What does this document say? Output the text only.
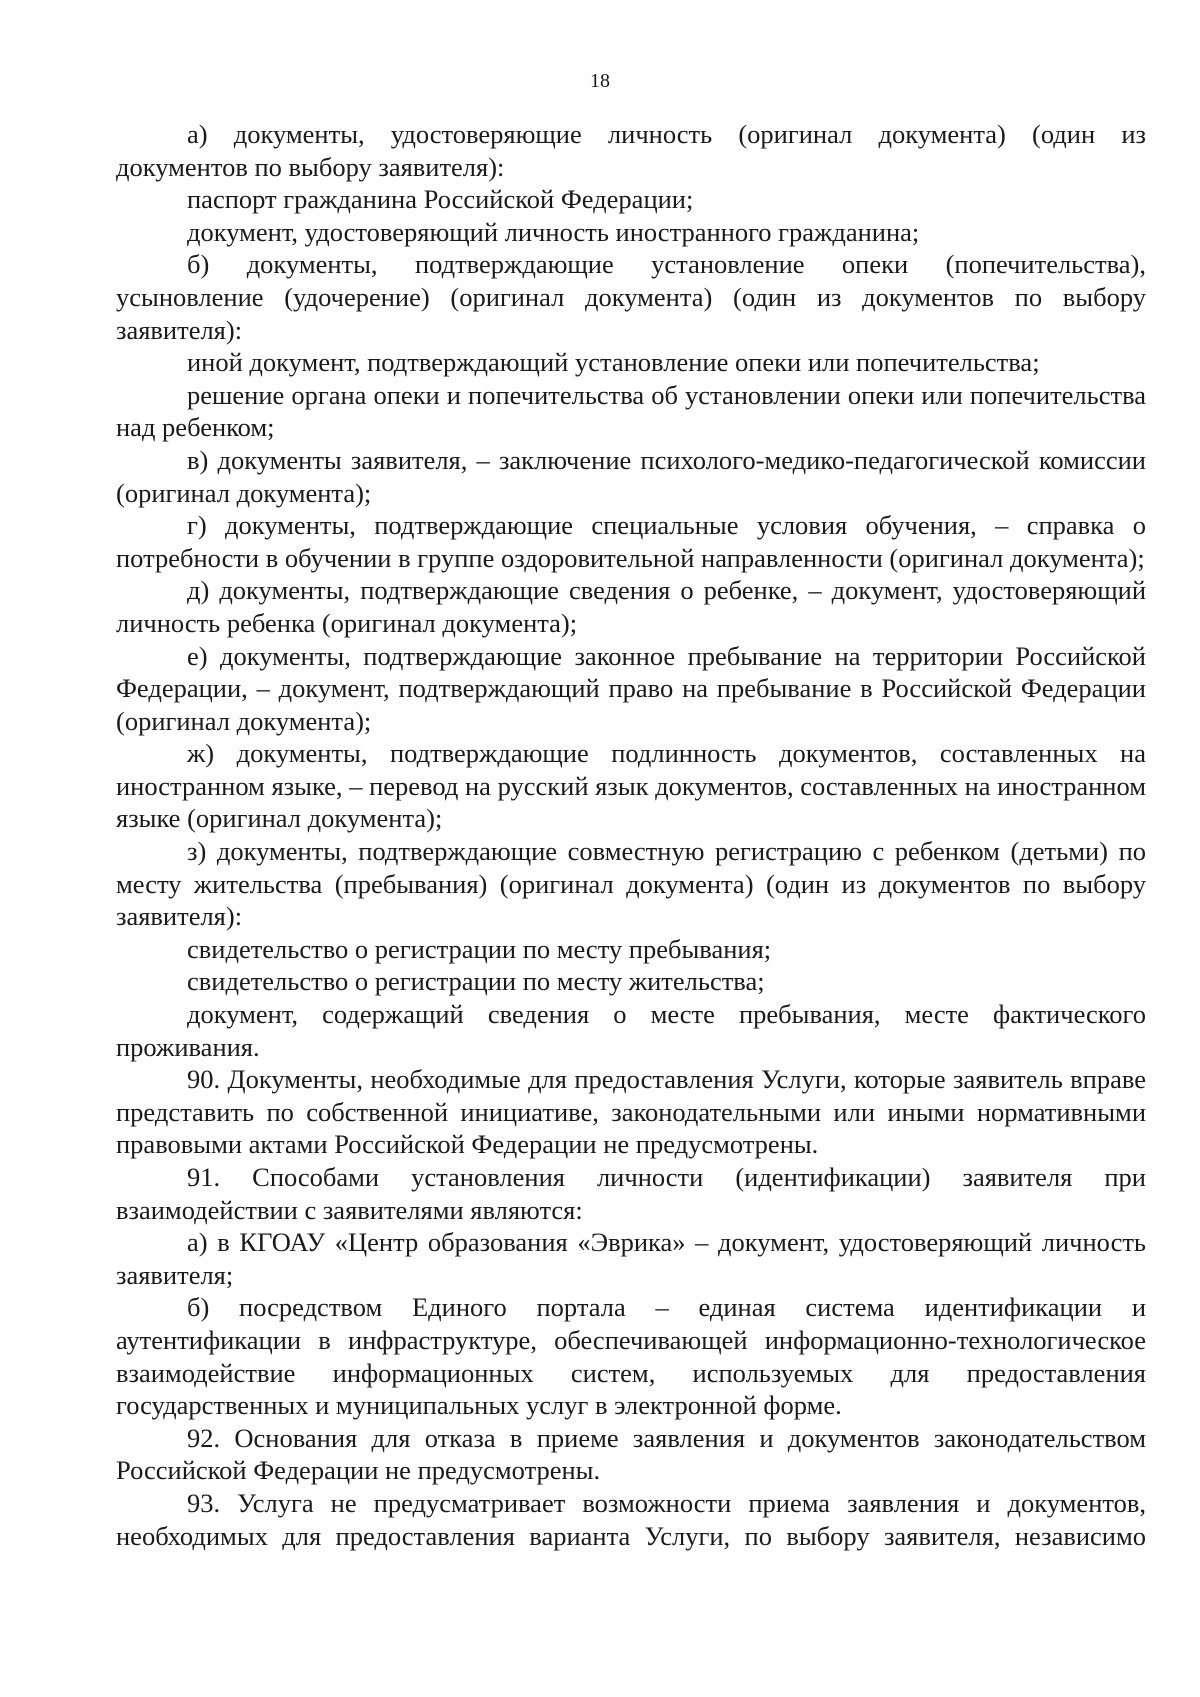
18

а) документы, удостоверяющие личность (оригинал документа) (один из документов по выбору заявителя):

паспорт гражданина Российской Федерации;

документ, удостоверяющий личность иностранного гражданина;

б) документы, подтверждающие установление опеки (попечительства), усыновление (удочерение) (оригинал документа) (один из документов по выбору заявителя):

иной документ, подтверждающий установление опеки или попечительства;

решение органа опеки и попечительства об установлении опеки или попечительства над ребенком;

в) документы заявителя, – заключение психолого-медико-педагогической комиссии (оригинал документа);

г) документы, подтверждающие специальные условия обучения, – справка о потребности в обучении в группе оздоровительной направленности (оригинал документа);

д) документы, подтверждающие сведения о ребенке, – документ, удостоверяющий личность ребенка (оригинал документа);

е) документы, подтверждающие законное пребывание на территории Российской Федерации, – документ, подтверждающий право на пребывание в Российской Федерации (оригинал документа);

ж) документы, подтверждающие подлинность документов, составленных на иностранном языке, – перевод на русский язык документов, составленных на иностранном языке (оригинал документа);

з) документы, подтверждающие совместную регистрацию с ребенком (детьми) по месту жительства (пребывания) (оригинал документа) (один из документов по выбору заявителя):

свидетельство о регистрации по месту пребывания;

свидетельство о регистрации по месту жительства;

документ, содержащий сведения о месте пребывания, месте фактического проживания.

90. Документы, необходимые для предоставления Услуги, которые заявитель вправе представить по собственной инициативе, законодательными или иными нормативными правовыми актами Российской Федерации не предусмотрены.

91. Способами установления личности (идентификации) заявителя при взаимодействии с заявителями являются:

а) в КГОАУ «Центр образования «Эврика» – документ, удостоверяющий личность заявителя;

б) посредством Единого портала – единая система идентификации и аутентификации в инфраструктуре, обеспечивающей информационно-технологическое взаимодействие информационных систем, используемых для предоставления государственных и муниципальных услуг в электронной форме.

92. Основания для отказа в приеме заявления и документов законодательством Российской Федерации не предусмотрены.

93. Услуга не предусматривает возможности приема заявления и документов, необходимых для предоставления варианта Услуги, по выбору заявителя, независимо
